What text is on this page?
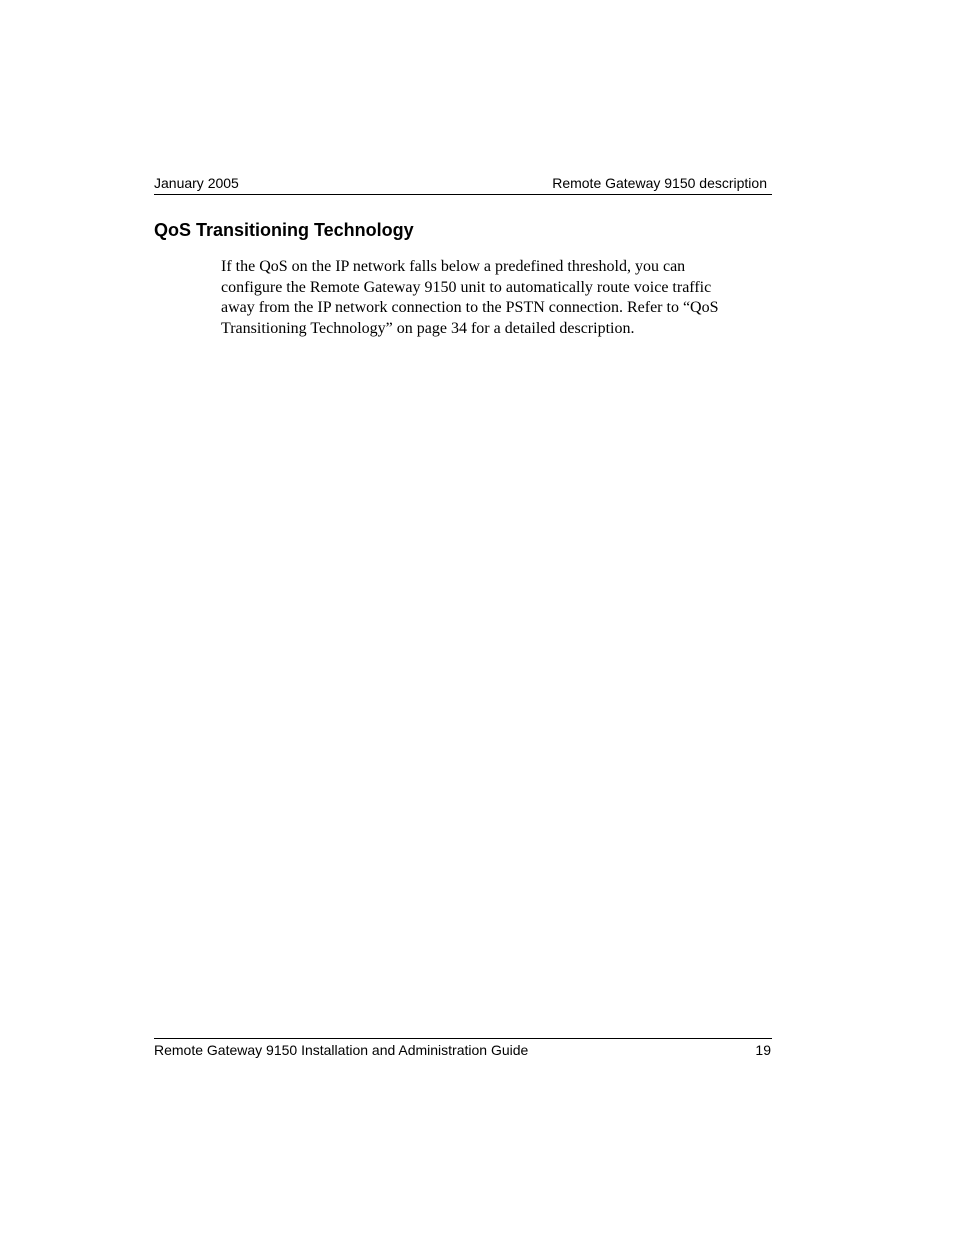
January 2005	Remote Gateway 9150 description
QoS Transitioning Technology

If the QoS on the IP network falls below a predefined threshold, you can
configure the Remote Gateway 9150 unit to automatically route voice traffic
away from the IP network connection to the PSTN connection. Refer to “QoS
Transitioning Technology” on page 34 for a detailed description.

Remote Gateway 9150 Installation and Administration Guide	19
